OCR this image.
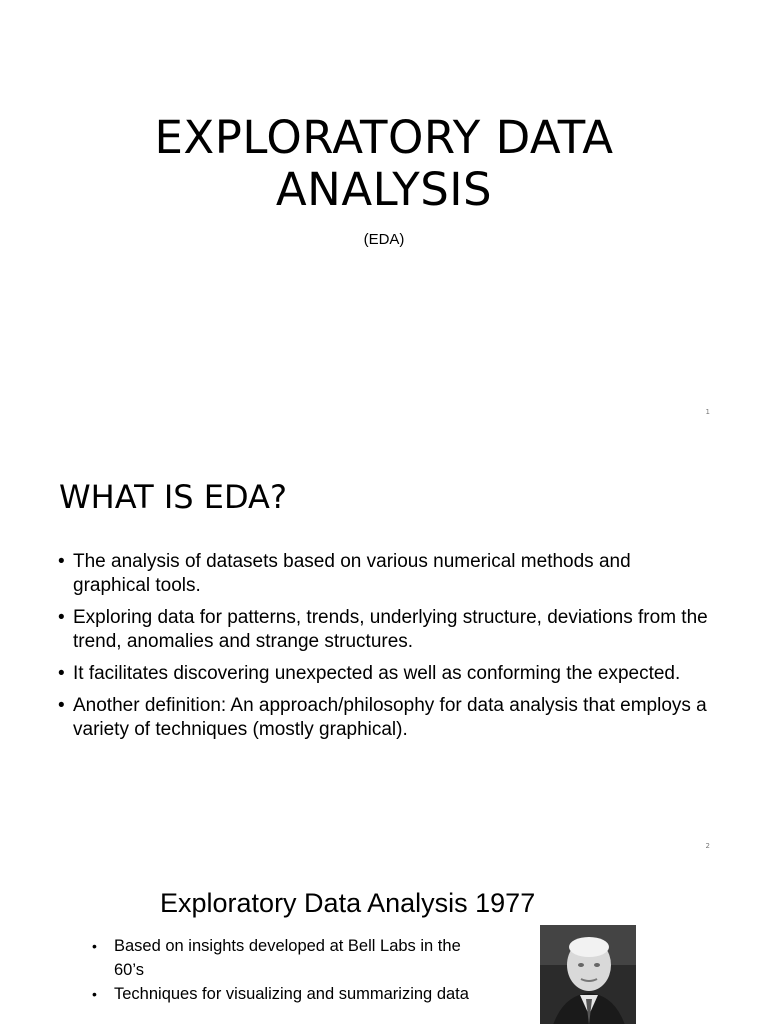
EXPLORATORY DATA
ANALYSIS
(EDA)
1
WHAT IS EDA?
• The analysis of datasets based on various numerical methods and graphical tools.
• Exploring data for patterns, trends, underlying structure, deviations from the trend, anomalies and strange structures.
• It facilitates discovering unexpected as well as conforming the expected.
• Another definition: An approach/philosophy for data analysis that employs a variety of techniques (mostly graphical).
2
Exploratory Data Analysis 1977
• Based on insights developed at Bell Labs in the 60’s
• Techniques for visualizing and summarizing data
